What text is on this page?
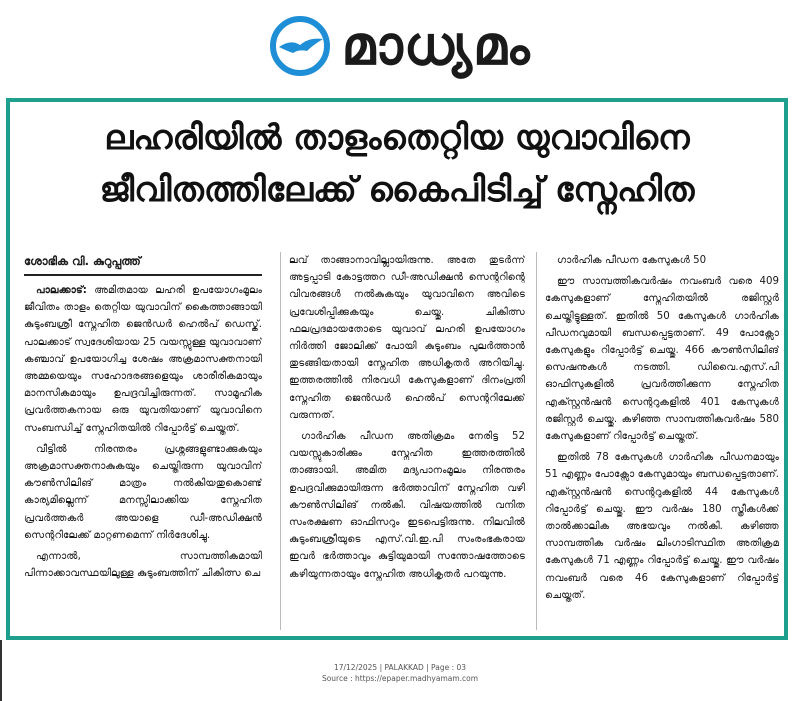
മാധ്യമം
ലഹരിയിൽ താളംതെറ്റിയ യുവാവിനെ
ജീവിതത്തിലേക്ക് കൈപിടിച്ച് സ്നേഹിത
ശോഭിക വി. കുറുപ്പത്ത്

പാലക്കാട്: അമിതമായ ലഹരി ഉപയോഗംമൂലം ജീവിതം താളം തെറ്റിയ യുവാവിന് കൈത്താങ്ങായി കുടുംബശ്രീ സ്നേഹിത ജെൻഡർ ഹെൽപ് ഡെസ്ക്. പാലക്കാട് സ്വദേശിയായ 25 വയസ്സുള്ള യുവാവാണ് കഞ്ചാവ് ഉപയോഗിച്ച ശേഷം അക്രമാസക്തനായി അമ്മയെയും സഹോദരങ്ങളെയും ശാരീരികമായും മാനസികമായും ഉപദ്രവിച്ചിരുന്നത്. സാമൂഹിക പ്രവർത്തകനായ ഒരു യുവതിയാണ് യുവാവിനെ സംബന്ധിച്ച് സ്നേഹിതയിൽ റിപ്പോർട്ട് ചെയ്തത്.

വീട്ടിൽ നിരന്തരം പ്രശ്നങ്ങളുണ്ടാക്കുകയും അക്രമാസക്തനാകുകയും ചെയ്തിരുന്ന യുവാവിന് കൗൺസിലിങ് മാത്രം നൽകിയതുകൊണ്ട് കാര്യമില്ലെന്ന് മനസ്സിലാക്കിയ സ്നേഹിത പ്രവർത്തകർ അയാളെ ഡീ-അഡിക്ഷൻ സെന്ററിലേക്ക് മാറ്റണമെന്ന് നിർദേശിച്ചു.

എന്നാൽ, സാമ്പത്തികമായി പിന്നാക്കാവസ്ഥയിലുള്ള കുടുംബത്തിന് ചികിത്സ ചെ

ലവ് താങ്ങാനാവില്ലായിരുന്നു. അതേ തുടർന്ന് അട്ടപ്പാടി കോട്ടത്തറ ഡീ-അഡിക്ഷൻ സെന്ററിന്റെ വിവരങ്ങൾ നൽകുകയും യുവാവിനെ അവിടെ പ്രവേശിപ്പിക്കുകയും ചെയ്തു. ചികിത്സ ഫലപ്രദമായതോടെ യുവാവ് ലഹരി ഉപയോഗം നിർത്തി ജോലിക്ക് പോയി കുടുംബം പുലർത്താൻ തുടങ്ങിയതായി സ്നേഹിത അധികൃതർ അറിയിച്ചു. ഇത്തരത്തിൽ നിരവധി കേസുകളാണ് ദിനംപ്രതി സ്നേഹിത ജെൻഡർ ഹെൽപ് സെന്ററിലേക്ക് വരുന്നത്.

ഗാർഹിക പീഡന അതിക്രമം നേരിട്ട 52 വയസ്സുകാരിക്കും സ്നേഹിത ഇത്തരത്തിൽ താങ്ങായി. അമിത മദ്യപാനംമൂലം നിരന്തരം ഉപദ്രവിക്കുമായിരുന്ന ഭർത്താവിന് സ്നേഹിത വഴി കൗൺസിലിങ് നൽകി. വിഷയത്തിൽ വനിത സംരക്ഷണ ഓഫിസറും ഇടപെട്ടിരുന്നു. നിലവിൽ കുടുംബശ്രീയുടെ എസ്.വി.ഇ.പി സംരംഭകരായ ഇവർ ഭർത്താവും കുട്ടിയുമായി സന്തോഷത്തോടെ കഴിയുന്നതായും സ്നേഹിത അധികൃതർ പറയുന്നു.

ഗാർഹിക പീഡന കേസുകൾ 50

ഈ സാമ്പത്തികവർഷം നവംബർ വരെ 409 കേസുകളാണ് സ്നേഹിതയിൽ രജിസ്റ്റർ ചെയ്തിട്ടുള്ളത്. ഇതിൽ 50 കേസുകൾ ഗാർഹിക പീഡനവുമായി ബന്ധപ്പെട്ടതാണ്. 49 പോക്സോ കേസുകളും റിപ്പോർട്ട് ചെയ്തു. 466 കൗൺസിലിങ് സെഷനുകൾ നടത്തി. ഡിവൈ.എസ്.പി ഓഫിസുകളിൽ പ്രവർത്തിക്കുന്ന സ്നേഹിത എക്സ്റ്റൻഷൻ സെന്ററുകളിൽ 401 കേസുകൾ രജിസ്റ്റർ ചെയ്തു. കഴിഞ്ഞ സാമ്പത്തികവർഷം 580 കേസുകളാണ് റിപ്പോർട്ട് ചെയ്തത്.

ഇതിൽ 78 കേസുകൾ ഗാർഹിക പീഡനമായും 51 എണ്ണം പോക്സോ കേസുമായും ബന്ധപ്പെട്ടതാണ്. എക്സ്റ്റൻഷൻ സെന്ററുകളിൽ 44 കേസുകൾ റിപ്പോർട്ട് ചെയ്തു. ഈ വർഷം 180 സ്ത്രീകൾക്ക് താൽക്കാലിക അഭയവും നൽകി. കഴിഞ്ഞ സാമ്പത്തിക വർഷം ലിംഗാടിസ്ഥിത അതിക്രമ കേസുകൾ 71 എണ്ണം റിപ്പോർട്ട് ചെയ്തു. ഈ വർഷം നവംബർ വരെ 46 കേസുകളാണ് റിപ്പോർട്ട് ചെയ്തത്.

17/12/2025 | PALAKKAD | Page : 03
Source : https://epaper.madhyamam.com
